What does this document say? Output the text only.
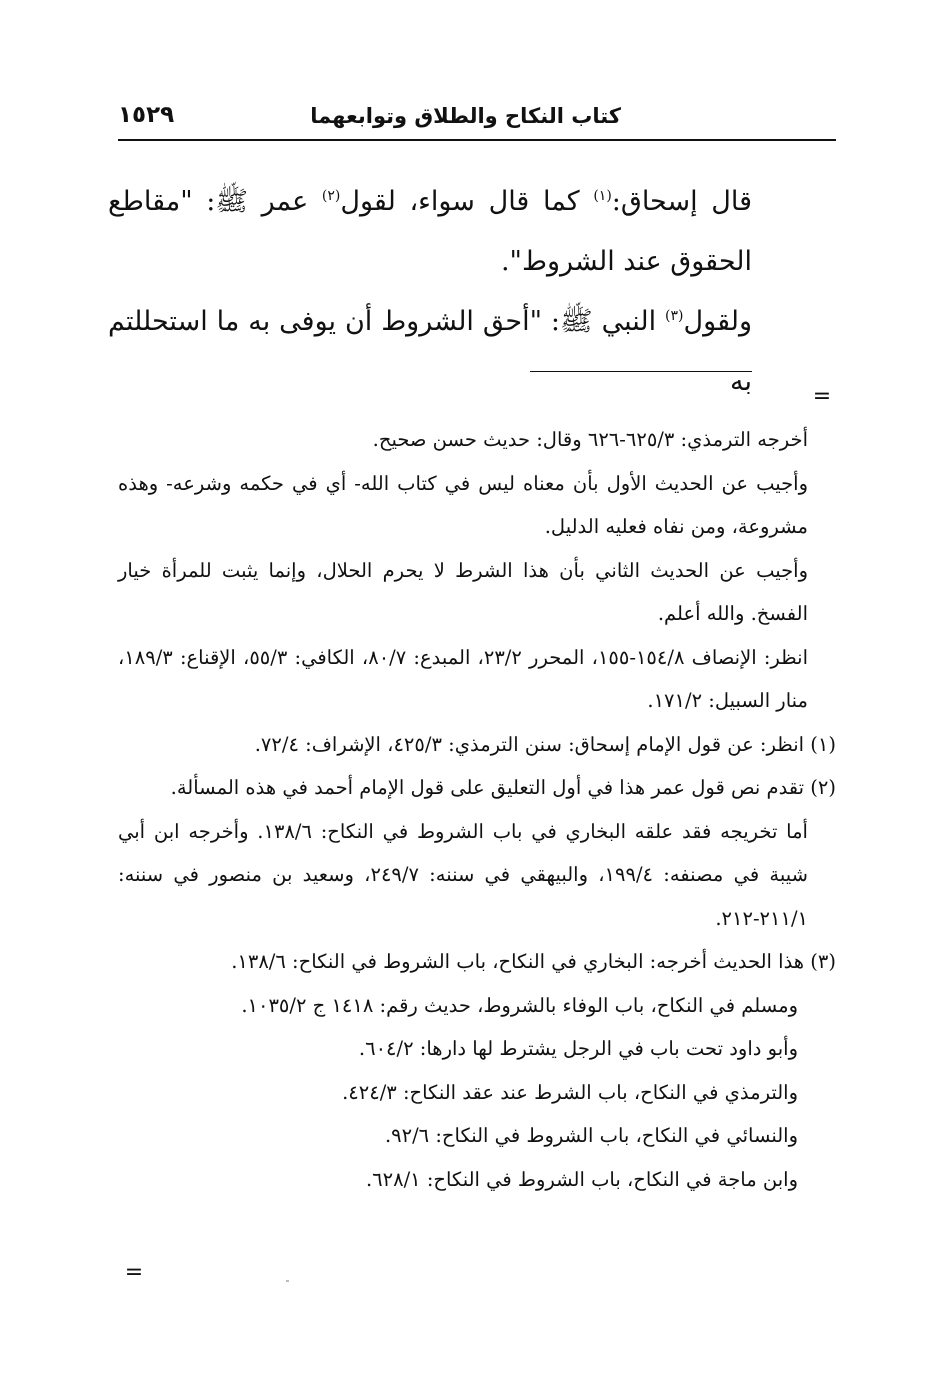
كتاب النكاح والطلاق وتوابعهما
١٥٢٩

قال إسحاق:$^{(١)}$ كما قال سواء، لقول$^{(٢)}$ عمر ﷺ: "مقاطع الحقوق عند الشروط".

ولقول$^{(٣)}$ النبي ﷺ: "أحق الشروط أن يوفى به ما استحللتم به	=

أخرجه الترمذي: ٦٢٥/٣-٦٢٦ وقال: حديث حسن صحيح.

وأجيب عن الحديث الأول بأن معناه ليس في كتاب الله- أي في حكمه وشرعه- وهذه مشروعة، ومن نفاه فعليه الدليل.

وأجيب عن الحديث الثاني بأن هذا الشرط لا يحرم الحلال، وإنما يثبت للمرأة خيار الفسخ. والله أعلم.

انظر: الإنصاف ١٥٤/٨-١٥٥، المحرر ٢٣/٢، المبدع: ٨٠/٧، الكافي: ٥٥/٣، الإقناع: ١٨٩/٣، منار السبيل: ١٧١/٢.

(١) انظر: عن قول الإمام إسحاق: سنن الترمذي: ٤٢٥/٣، الإشراف: ٧٢/٤.

(٢) تقدم نص قول عمر هذا في أول التعليق على قول الإمام أحمد في هذه المسألة.

أما تخريجه فقد علقه البخاري في باب الشروط في النكاح: ١٣٨/٦. وأخرجه ابن أبي شيبة في مصنفه: ١٩٩/٤، والبيهقي في سننه: ٢٤٩/٧، وسعيد بن منصور في سننه: ٢١١/١-٢١٢.

(٣) هذا الحديث أخرجه: البخاري في النكاح، باب الشروط في النكاح: ١٣٨/٦.

ومسلم في النكاح، باب الوفاء بالشروط، حديث رقم: ١٤١٨ ج ١٠٣٥/٢.

وأبو داود تحت باب في الرجل يشترط لها دارها: ٦٠٤/٢.

والترمذي في النكاح، باب الشرط عند عقد النكاح: ٤٢٤/٣.

والنسائي في النكاح، باب الشروط في النكاح: ٩٢/٦.

وابن ماجة في النكاح، باب الشروط في النكاح: ٦٢٨/١.

=
